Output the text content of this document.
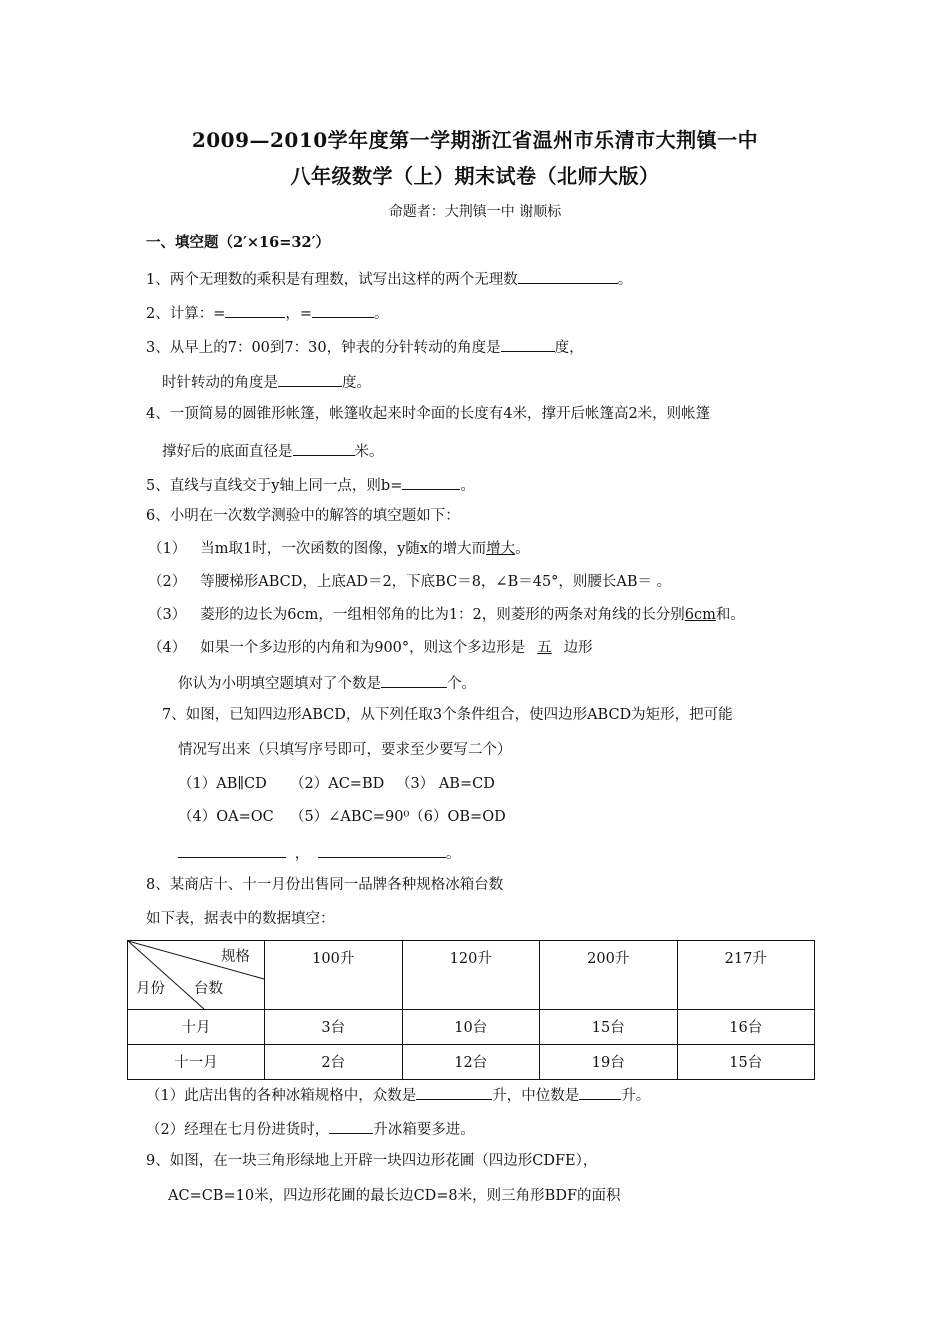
2009—2010学年度第一学期浙江省温州市乐清市大荆镇一中
八年级数学（上）期末试卷（北师大版）
命题者：大荆镇一中 谢顺标
一、填空题（2′×16=32′）
1、两个无理数的乘积是有理数，试写出这样的两个无理数	。
2、计算：=	，=	。
3、从早上的7：00到7：30，钟表的分针转动的角度是	度，
时针转动的角度是	度。
4、一顶简易的圆锥形帐篷，帐篷收起来时伞面的长度有4米，撑开后帐篷高2米，则帐篷
撑好后的底面直径是	米。
5、直线与直线交于y轴上同一点，则b=	。
6、小明在一次数学测验中的解答的填空题如下：
（1） 当m取1时，一次函数的图像，y随x的增大而增大。
（2） 等腰梯形ABCD，上底AD＝2，下底BC＝8，∠B＝45°，则腰长AB＝ 。
（3） 菱形的边长为6cm，一组相邻角的比为1：2，则菱形的两条对角线的长分别6cm和。
（4） 如果一个多边形的内角和为900°，则这个多边形是 五 边形
你认为小明填空题填对了个数是	个。
7、如图，已知四边形ABCD，从下列任取3个条件组合，使四边形ABCD为矩形，把可能
情况写出来（只填写序号即可，要求至少要写二个）
（1）AB∥CD （2）AC=BD （3） AB=CD
（4）OA=OC （5）∠ABC=90⁰（6）OB=OD
，	。
8、某商店十、十一月份出售同一品牌各种规格冰箱台数
如下表，据表中的数据填空：
规格
月份 台数	100升	120升	200升	217升
十月	3台	10台	15台	16台
十一月	2台	12台	19台	15台
（1）此店出售的各种冰箱规格中，众数是	升，中位数是	升。
（2）经理在七月份进货时，	升冰箱要多进。
9、如图，在一块三角形绿地上开辟一块四边形花圃（四边形CDFE），
AC=CB=10米，四边形花圃的最长边CD=8米，则三角形BDF的面积
